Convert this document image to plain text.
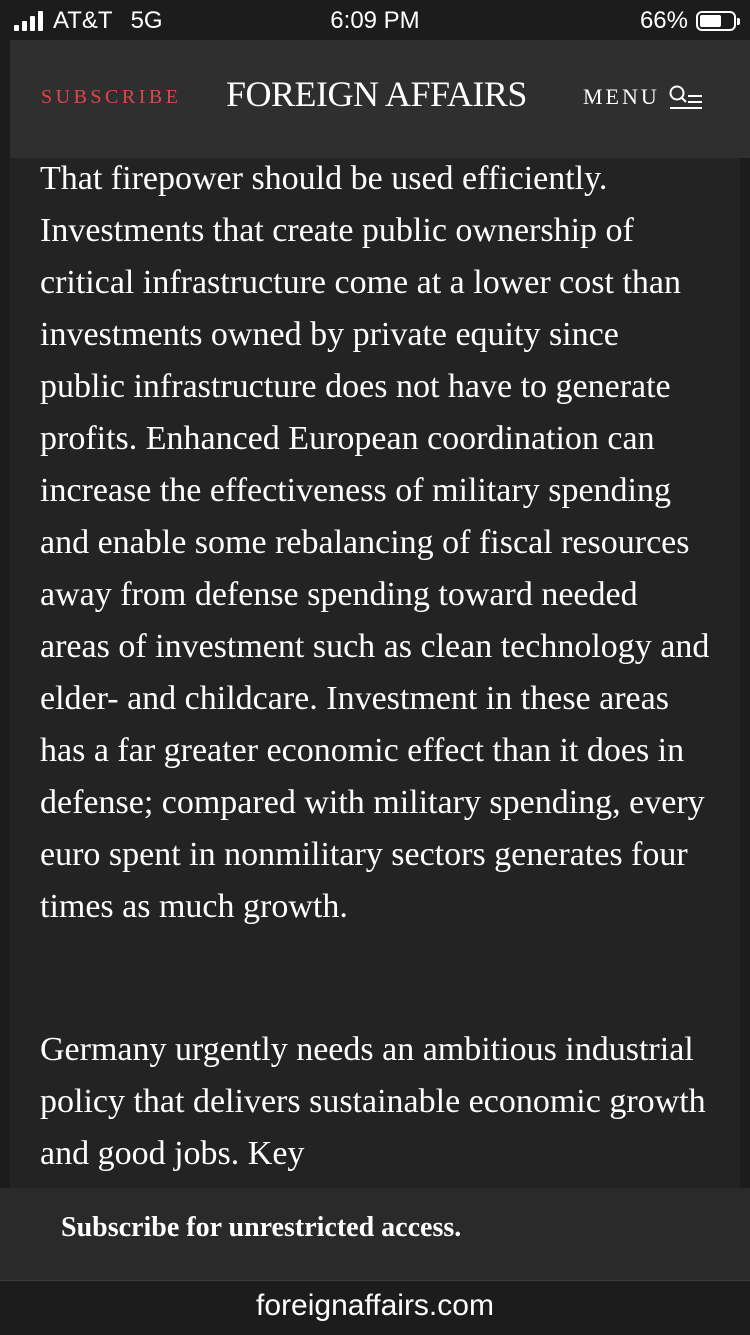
AT&T 5G	6:09 PM	66%
SUBSCRIBE FOREIGN AFFAIRS	MENU

That firepower should be used efficiently. Investments that create public ownership of critical infrastructure come at a lower cost than investments owned by private equity since public infrastructure does not have to generate profits. Enhanced European coordination can increase the effectiveness of military spending and enable some rebalancing of fiscal resources away from defense spending toward needed areas of investment such as clean technology and elder- and childcare. Investment in these areas has a far greater economic effect than it does in defense; compared with military spending, every euro spent in nonmilitary sectors generates four times as much growth.

Germany urgently needs an ambitious industrial policy that delivers sustainable economic growth and good jobs. Key

Subscribe for unrestricted access.
foreignaffairs.com
